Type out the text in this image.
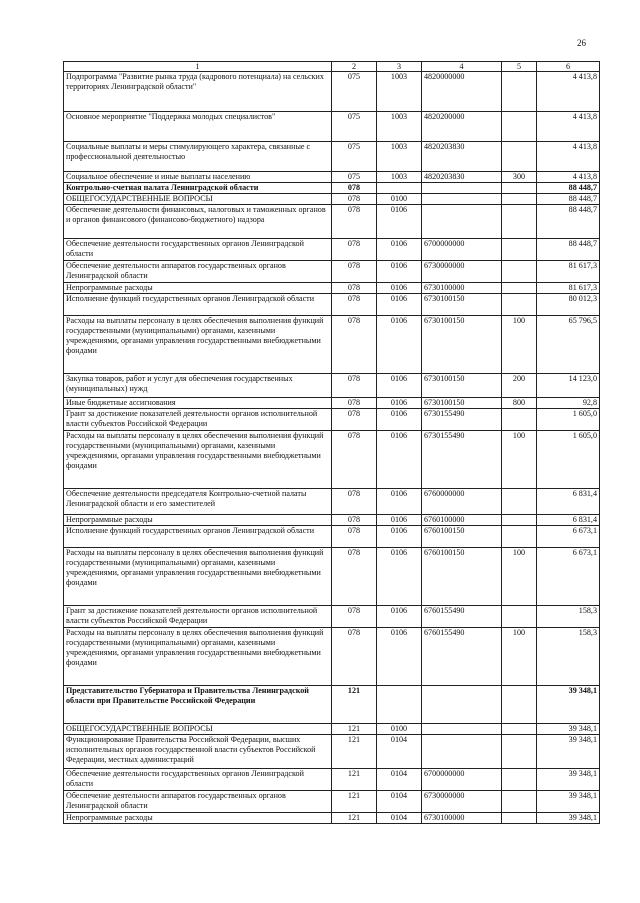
26
1	2	3	4	5	6
Подпрограмма "Развитие рынка труда (кадрового потенциала) на сельских территориях Ленинградской области"	075	1003	4820000000		4 413,8
Основное мероприятие "Поддержка молодых специалистов"	075	1003	4820200000		4 413,8
Социальные выплаты и меры стимулирующего характера, связанные с профессиональной деятельностью	075	1003	4820203830		4 413,8
Социальное обеспечение и иные выплаты населению	075	1003	4820203830	300	4 413,8
Контрольно-счетная палата Ленинградской области	078				88 448,7
ОБЩЕГОСУДАРСТВЕННЫЕ ВОПРОСЫ	078	0100			88 448,7
Обеспечение деятельности финансовых, налоговых и таможенных органов и органов финансового (финансово-бюджетного) надзора	078	0106			88 448,7
Обеспечение деятельности государственных органов Ленинградской области	078	0106	6700000000		88 448,7
Обеспечение деятельности аппаратов государственных органов Ленинградской области	078	0106	6730000000		81 617,3
Непрограммные расходы	078	0106	6730100000		81 617,3
Исполнение функций государственных органов Ленинградской области	078	0106	6730100150		80 012,3
Расходы на выплаты персоналу в целях обеспечения выполнения функций государственными (муниципальными) органами, казенными учреждениями, органами управления государственными внебюджетными фондами	078	0106	6730100150	100	65 796,5
Закупка товаров, работ и услуг для обеспечения государственных (муниципальных) нужд	078	0106	6730100150	200	14 123,0
Иные бюджетные ассигнования	078	0106	6730100150	800	92,8
Грант за достижение показателей деятельности органов исполнительной власти субъектов Российской Федерации	078	0106	6730155490		1 605,0
Расходы на выплаты персоналу в целях обеспечения выполнения функций государственными (муниципальными) органами, казенными учреждениями, органами управления государственными внебюджетными фондами	078	0106	6730155490	100	1 605,0
Обеспечение деятельности председателя Контрольно-счетной палаты Ленинградской области и его заместителей	078	0106	6760000000		6 831,4
Непрограммные расходы	078	0106	6760100000		6 831,4
Исполнение функций государственных органов Ленинградской области	078	0106	6760100150		6 673,1
Расходы на выплаты персоналу в целях обеспечения выполнения функций государственными (муниципальными) органами, казенными учреждениями, органами управления государственными внебюджетными фондами	078	0106	6760100150	100	6 673,1
Грант за достижение показателей деятельности органов исполнительной власти субъектов Российской Федерации	078	0106	6760155490		158,3
Расходы на выплаты персоналу в целях обеспечения выполнения функций государственными (муниципальными) органами, казенными учреждениями, органами управления государственными внебюджетными фондами	078	0106	6760155490	100	158,3
Представительство Губернатора и Правительства Ленинградской области при Правительстве Российской Федерации	121				39 348,1
ОБЩЕГОСУДАРСТВЕННЫЕ ВОПРОСЫ	121	0100			39 348,1
Функционирование Правительства Российской Федерации, высших исполнительных органов государственной власти субъектов Российской Федерации, местных администраций	121	0104			39 348,1
Обеспечение деятельности государственных органов Ленинградской области	121	0104	6700000000		39 348,1
Обеспечение деятельности аппаратов государственных органов Ленинградской области	121	0104	6730000000		39 348,1
Непрограммные расходы	121	0104	6730100000		39 348,1
